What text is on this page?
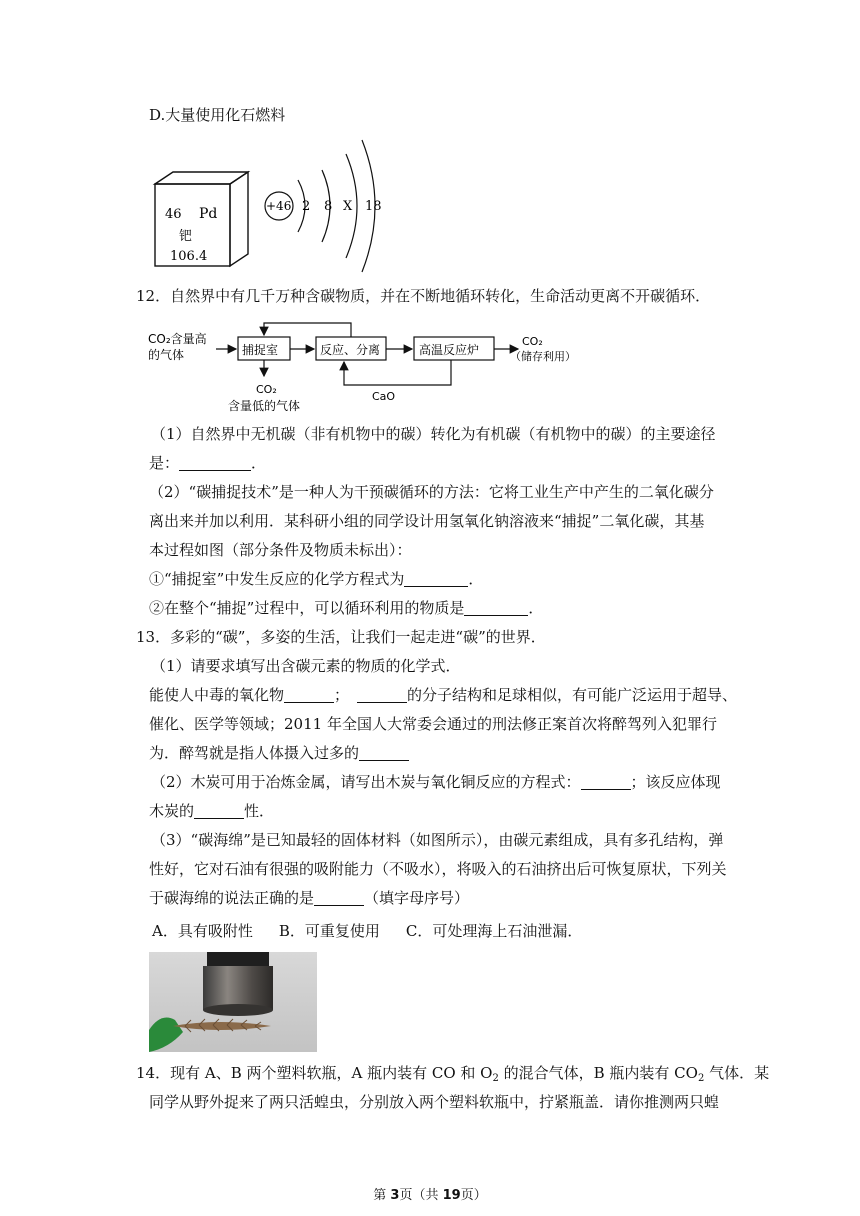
D.大量使用化石燃料
46 Pd
钯
106.4
+46 2 8 X 18
12．自然界中有几千万种含碳物质，并在不断地循环转化，生命活动更离不开碳循环．
CO₂含量高
的气体	捕捉室	反应、分离	高温反应炉
CO₂
（储存利用）
CO₂
含量低的气体
CaO
（1）自然界中无机碳（非有机物中的碳）转化为有机碳（有机物中的碳）的主要途径
是：	．
（2）“碳捕捉技术”是一种人为干预碳循环的方法：它将工业生产中产生的二氧化碳分
离出来并加以利用．某科研小组的同学设计用氢氧化钠溶液来“捕捉”二氧化碳，其基
本过程如图（部分条件及物质未标出）：
①“捕捉室”中发生反应的化学方程式为	．
②在整个“捕捉”过程中，可以循环利用的物质是	．
13．多彩的“碳”，多姿的生活，让我们一起走进“碳”的世界．
（1）请要求填写出含碳元素的物质的化学式．
能使人中毒的氧化物	；	的分子结构和足球相似，有可能广泛运用于超导、
催化、医学等领域；2011 年全国人大常委会通过的刑法修正案首次将醉驾列入犯罪行
为．醉驾就是指人体摄入过多的
（2）木炭可用于冶炼金属，请写出木炭与氧化铜反应的方程式：	；该反应体现
木炭的	性．
（3）“碳海绵”是已知最轻的固体材料（如图所示），由碳元素组成，具有多孔结构，弹
性好，它对石油有很强的吸附能力（不吸水），将吸入的石油挤出后可恢复原状，下列关
于碳海绵的说法正确的是	（填字母序号）
A．具有吸附性 B．可重复使用 C．可处理海上石油泄漏．
14．现有 A、B 两个塑料软瓶，A 瓶内装有 CO 和 $O_2$ 的混合气体，B 瓶内装有 $CO_2$ 气体．某
同学从野外捉来了两只活蝗虫，分别放入两个塑料软瓶中，拧紧瓶盖．请你推测两只蝗
第 3页（共 19页）
